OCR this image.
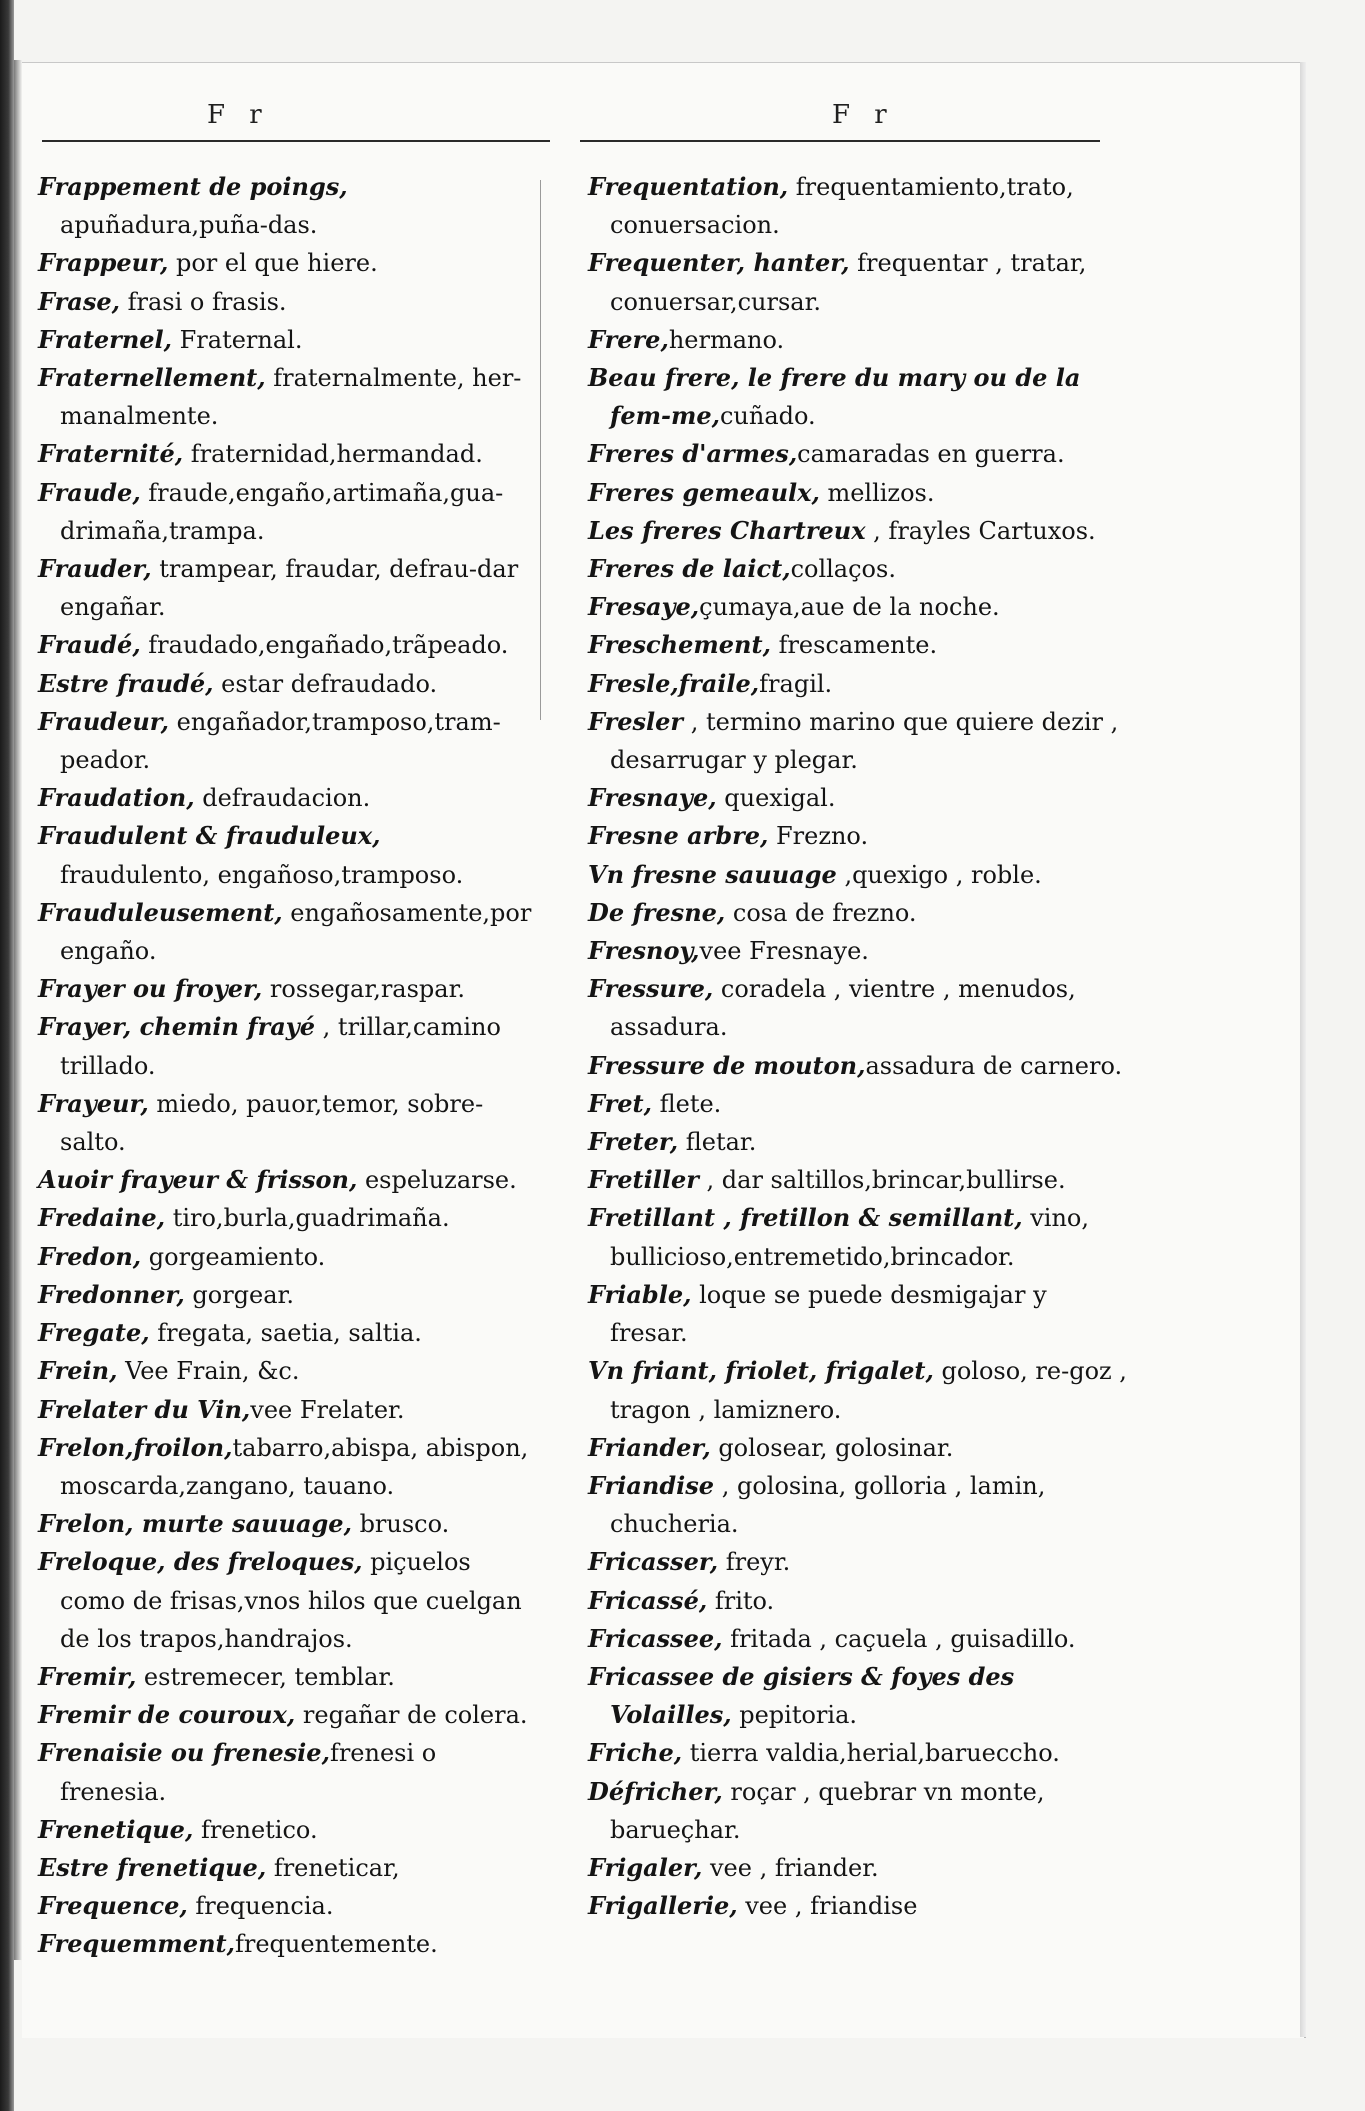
F r	F r

Frappement de poings, apuñadura,puña-das.

Frappeur, por el que hiere.

Frase, frasi o frasis.

Fraternel, Fraternal.

Fraternellement, fraternalmente, her-manalmente.

Fraternité, fraternidad,hermandad.

Fraude, fraude,engaño,artimaña,gua-drimaña,trampa.

Frauder, trampear, fraudar, defrau-dar engañar.

Fraudé, fraudado,engañado,trãpeado.

Estre fraudé, estar defraudado.

Fraudeur, engañador,tramposo,tram-peador.

Fraudation, defraudacion.

Fraudulent & frauduleux, fraudulento, engañoso,tramposo.

Frauduleusement, engañosamente,por engaño.

Frayer ou froyer, rossegar,raspar.

Frayer, chemin frayé , trillar,camino trillado.

Frayeur, miedo, pauor,temor, sobre-salto.

Auoir frayeur & frisson, espeluzarse.

Fredaine, tiro,burla,guadrimaña.

Fredon, gorgeamiento.

Fredonner, gorgear.

Fregate, fregata, saetia, saltia.

Frein, Vee Frain, &c.

Frelater du Vin,vee Frelater.

Frelon,froilon,tabarro,abispa, abispon, moscarda,zangano, tauano.

Frelon, murte sauuage, brusco.

Freloque, des freloques, piçuelos como de frisas,vnos hilos que cuelgan de los trapos,handrajos.

Fremir, estremecer, temblar.

Fremir de couroux, regañar de colera.

Frenaisie ou frenesie,frenesi o frenesia.

Frenetique, frenetico.

Estre frenetique, freneticar,

Frequence, frequencia.

Frequemment,frequentemente.

Frequentation, frequentamiento,trato, conuersacion.

Frequenter, hanter, frequentar , tratar, conuersar,cursar.

Frere,hermano.

Beau frere, le frere du mary ou de la fem-me,cuñado.

Freres d'armes,camaradas en guerra.

Freres gemeaulx, mellizos.

Les freres Chartreux , frayles Cartuxos.

Freres de laict,collaços.

Fresaye,çumaya,aue de la noche.

Freschement, frescamente.

Fresle,fraile,fragil.

Fresler , termino marino que quiere dezir , desarrugar y plegar.

Fresnaye, quexigal.

Fresne arbre, Frezno.

Vn fresne sauuage ,quexigo , roble.

De fresne, cosa de frezno.

Fresnoy,vee Fresnaye.

Fressure, coradela , vientre , menudos, assadura.

Fressure de mouton,assadura de carnero.

Fret, flete.

Freter, fletar.

Fretiller , dar saltillos,brincar,bullirse.

Fretillant , fretillon & semillant, vino, bullicioso,entremetido,brincador.

Friable, loque se puede desmigajar y fresar.

Vn friant, friolet, frigalet, goloso, re-goz , tragon , lamiznero.

Friander, golosear, golosinar.

Friandise , golosina, golloria , lamin, chucheria.

Fricasser, freyr.

Fricassé, frito.

Fricassee, fritada , caçuela , guisadillo.

Fricassee de gisiers & foyes des Volailles, pepitoria.

Friche, tierra valdia,herial,barueccho.

Défricher, roçar , quebrar vn monte, barueçhar.

Frigaler, vee , friander.

Frigallerie, vee , friandise
